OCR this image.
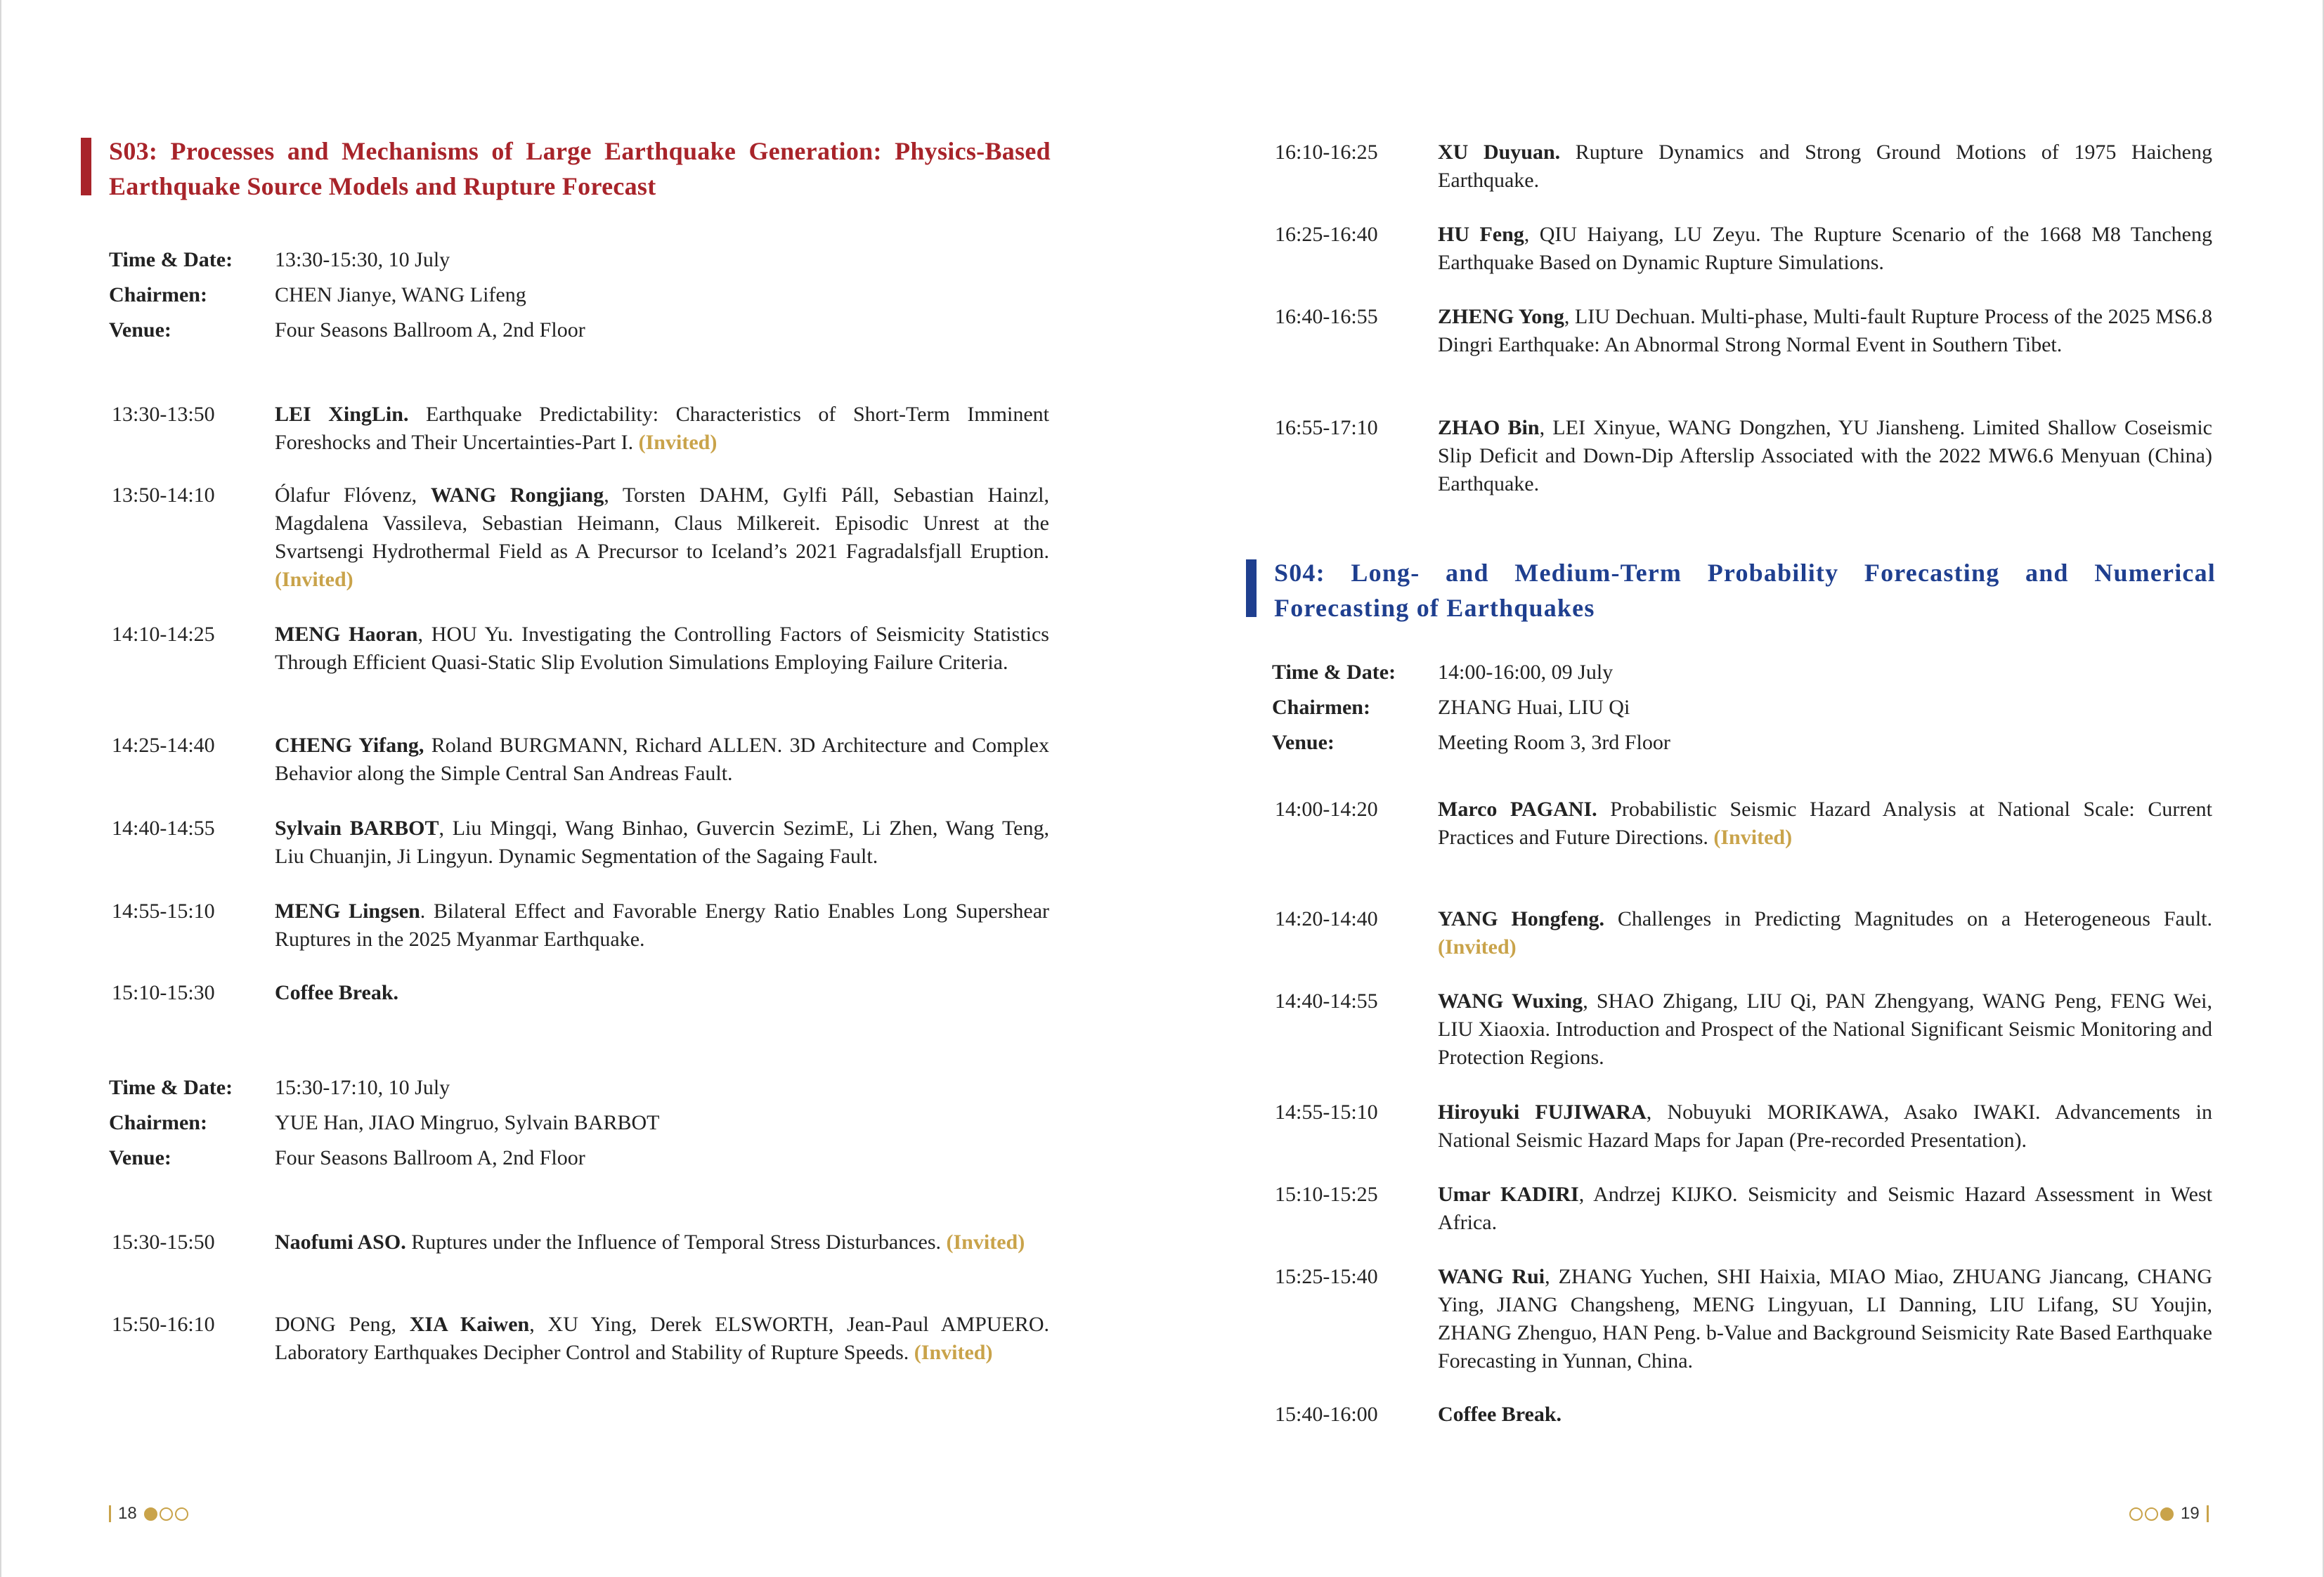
S03: Processes and Mechanisms of Large Earthquake Generation: Physics-Based Earthquake Source Models and Rupture Forecast
Time & Date:	13:30-15:30, 10 July
Chairmen:	CHEN Jianye, WANG Lifeng
Venue:	Four Seasons Ballroom A, 2nd Floor
13:30-13:50	LEI XingLin. Earthquake Predictability: Characteristics of Short-Term Imminent Foreshocks and Their Uncertainties-Part I. (Invited)
13:50-14:10	Ólafur Flóvenz, WANG Rongjiang, Torsten DAHM, Gylfi Páll, Sebastian Hainzl, Magdalena Vassileva, Sebastian Heimann, Claus Milkereit. Episodic Unrest at the Svartsengi Hydrothermal Field as A Precursor to Iceland’s 2021 Fagradalsfjall Eruption. (Invited)
14:10-14:25	MENG Haoran, HOU Yu. Investigating the Controlling Factors of Seismicity Statistics Through Efficient Quasi-Static Slip Evolution Simulations Employing Failure Criteria.
14:25-14:40	CHENG Yifang, Roland BURGMANN, Richard ALLEN. 3D Architecture and Complex Behavior along the Simple Central San Andreas Fault.
14:40-14:55	Sylvain BARBOT, Liu Mingqi, Wang Binhao, Guvercin SezimE, Li Zhen, Wang Teng, Liu Chuanjin, Ji Lingyun. Dynamic Segmentation of the Sagaing Fault.
14:55-15:10	MENG Lingsen. Bilateral Effect and Favorable Energy Ratio Enables Long Supershear Ruptures in the 2025 Myanmar Earthquake.
15:10-15:30	Coffee Break.
Time & Date:	15:30-17:10, 10 July
Chairmen:	YUE Han, JIAO Mingruo, Sylvain BARBOT
Venue:	Four Seasons Ballroom A, 2nd Floor
15:30-15:50	Naofumi ASO. Ruptures under the Influence of Temporal Stress Disturbances. (Invited)
15:50-16:10	DONG Peng, XIA Kaiwen, XU Ying, Derek ELSWORTH, Jean-Paul AMPUERO. Laboratory Earthquakes Decipher Control and Stability of Rupture Speeds. (Invited)
18
16:10-16:25	XU Duyuan. Rupture Dynamics and Strong Ground Motions of 1975 Haicheng Earthquake.
16:25-16:40	HU Feng, QIU Haiyang, LU Zeyu. The Rupture Scenario of the 1668 M8 Tancheng Earthquake Based on Dynamic Rupture Simulations.
16:40-16:55	ZHENG Yong, LIU Dechuan. Multi-phase, Multi-fault Rupture Process of the 2025 MS6.8 Dingri Earthquake: An Abnormal Strong Normal Event in Southern Tibet.
16:55-17:10	ZHAO Bin, LEI Xinyue, WANG Dongzhen, YU Jiansheng. Limited Shallow Coseismic Slip Deficit and Down-Dip Afterslip Associated with the 2022 MW6.6 Menyuan (China) Earthquake.
S04: Long- and Medium-Term Probability Forecasting and Numerical Forecasting of Earthquakes
Time & Date:	14:00-16:00, 09 July
Chairmen:	ZHANG Huai, LIU Qi
Venue:	Meeting Room 3, 3rd Floor
14:00-14:20	Marco PAGANI. Probabilistic Seismic Hazard Analysis at National Scale: Current Practices and Future Directions. (Invited)
14:20-14:40	YANG Hongfeng. Challenges in Predicting Magnitudes on a Heterogeneous Fault. (Invited)
14:40-14:55	WANG Wuxing, SHAO Zhigang, LIU Qi, PAN Zhengyang, WANG Peng, FENG Wei, LIU Xiaoxia. Introduction and Prospect of the National Significant Seismic Monitoring and Protection Regions.
14:55-15:10	Hiroyuki FUJIWARA, Nobuyuki MORIKAWA, Asako IWAKI. Advancements in National Seismic Hazard Maps for Japan (Pre-recorded Presentation).
15:10-15:25	Umar KADIRI, Andrzej KIJKO. Seismicity and Seismic Hazard Assessment in West Africa.
15:25-15:40	WANG Rui, ZHANG Yuchen, SHI Haixia, MIAO Miao, ZHUANG Jiancang, CHANG Ying, JIANG Changsheng, MENG Lingyuan, LI Danning, LIU Lifang, SU Youjin, ZHANG Zhenguo, HAN Peng. b-Value and Background Seismicity Rate Based Earthquake Forecasting in Yunnan, China.
15:40-16:00	Coffee Break.
19
